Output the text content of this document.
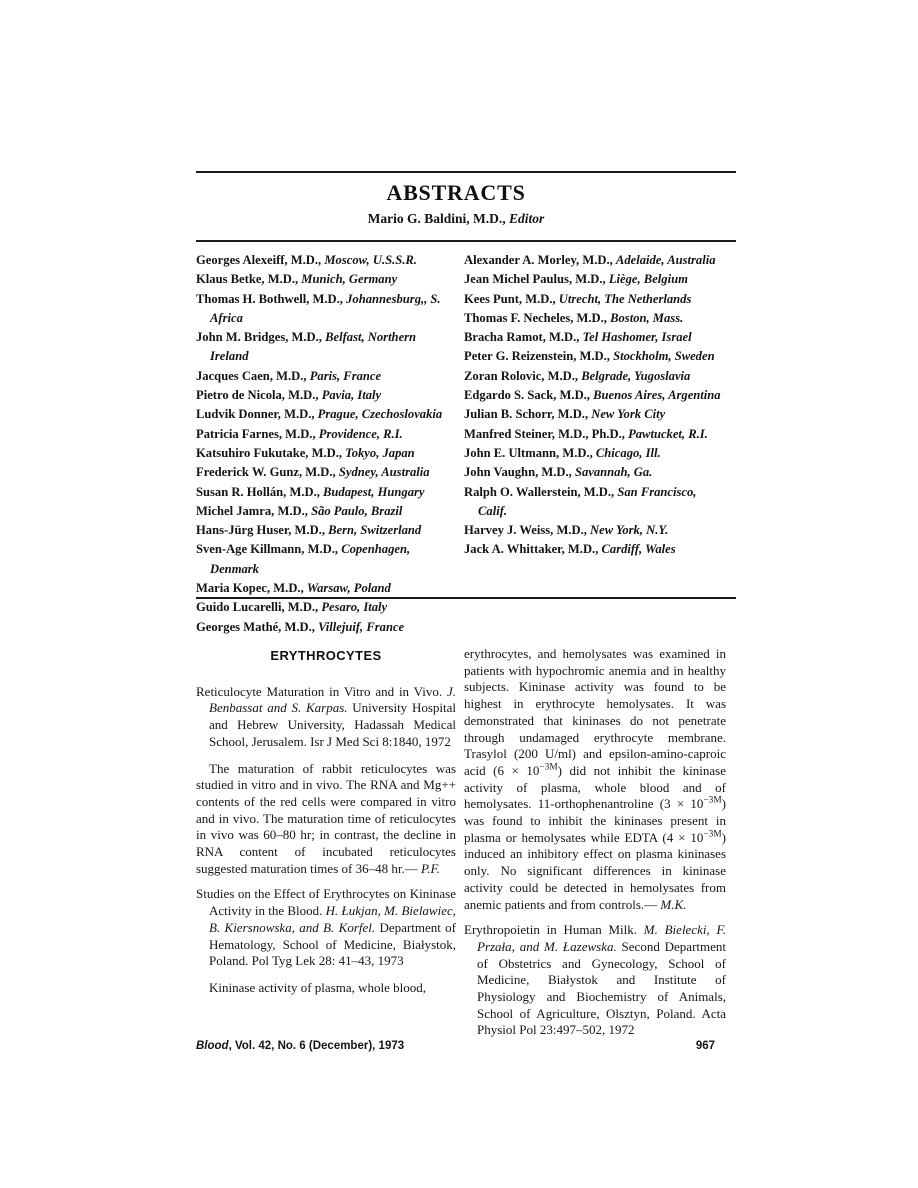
ABSTRACTS
Mario G. Baldini, M.D., Editor
Georges Alexeiff, M.D., Moscow, U.S.S.R.
Klaus Betke, M.D., Munich, Germany
Thomas H. Bothwell, M.D., Johannesburg,, S. Africa
John M. Bridges, M.D., Belfast, Northern Ireland
Jacques Caen, M.D., Paris, France
Pietro de Nicola, M.D., Pavia, Italy
Ludvik Donner, M.D., Prague, Czechoslovakia
Patricia Farnes, M.D., Providence, R.I.
Katsuhiro Fukutake, M.D., Tokyo, Japan
Frederick W. Gunz, M.D., Sydney, Australia
Susan R. Hollán, M.D., Budapest, Hungary
Michel Jamra, M.D., São Paulo, Brazil
Hans-Jürg Huser, M.D., Bern, Switzerland
Sven-Age Killmann, M.D., Copenhagen, Denmark
Maria Kopec, M.D., Warsaw, Poland
Guido Lucarelli, M.D., Pesaro, Italy
Georges Mathé, M.D., Villejuif, France
Alexander A. Morley, M.D., Adelaide, Australia
Jean Michel Paulus, M.D., Liège, Belgium
Kees Punt, M.D., Utrecht, The Netherlands
Thomas F. Necheles, M.D., Boston, Mass.
Bracha Ramot, M.D., Tel Hashomer, Israel
Peter G. Reizenstein, M.D., Stockholm, Sweden
Zoran Rolovic, M.D., Belgrade, Yugoslavia
Edgardo S. Sack, M.D., Buenos Aires, Argentina
Julian B. Schorr, M.D., New York City
Manfred Steiner, M.D., Ph.D., Pawtucket, R.I.
John E. Ultmann, M.D., Chicago, Ill.
John Vaughn, M.D., Savannah, Ga.
Ralph O. Wallerstein, M.D., San Francisco, Calif.
Harvey J. Weiss, M.D., New York, N.Y.
Jack A. Whittaker, M.D., Cardiff, Wales
ERYTHROCYTES

Reticulocyte Maturation in Vitro and in Vivo. J. Benbassat and S. Karpas. University Hospital and Hebrew University, Hadassah Medical School, Jerusalem. Isr J Med Sci 8:1840, 1972

The maturation of rabbit reticulocytes was studied in vitro and in vivo. The RNA and Mg++ contents of the red cells were compared in vitro and in vivo. The maturation time of reticulocytes in vivo was 60–80 hr; in contrast, the decline in RNA content of incubated reticulocytes suggested maturation times of 36–48 hr.— P.F.

Studies on the Effect of Erythrocytes on Kininase Activity in the Blood. H. Łukjan, M. Bielawiec, B. Kiersnowska, and B. Korfel. Department of Hematology, School of Medicine, Białystok, Poland. Pol Tyg Lek 28: 41–43, 1973

Kininase activity of plasma, whole blood,

erythrocytes, and hemolysates was examined in patients with hypochromic anemia and in healthy subjects. Kininase activity was found to be highest in erythrocyte hemolysates. It was demonstrated that kininases do not penetrate through undamaged erythrocyte membrane. Trasylol (200 U/ml) and epsilon-amino-caproic acid $(6 \times 10^{-3M})$ did not inhibit the kininase activity of plasma, whole blood and of hemolysates. 11-orthophenantroline $(3 \times 10^{-3M})$ was found to inhibit the kininases present in plasma or hemolysates while EDTA $(4 \times 10^{-3M})$ induced an inhibitory effect on plasma kininases only. No significant differences in kininase activity could be detected in hemolysates from anemic patients and from controls.— M.K.

Erythropoietin in Human Milk. M. Bielecki, F. Przała, and M. Łazewska. Second Department of Obstetrics and Gynecology, School of Medicine, Białystok and Institute of Physiology and Biochemistry of Animals, School of Agriculture, Olsztyn, Poland. Acta Physiol Pol 23:497–502, 1972

Blood, Vol. 42, No. 6 (December), 1973	967
